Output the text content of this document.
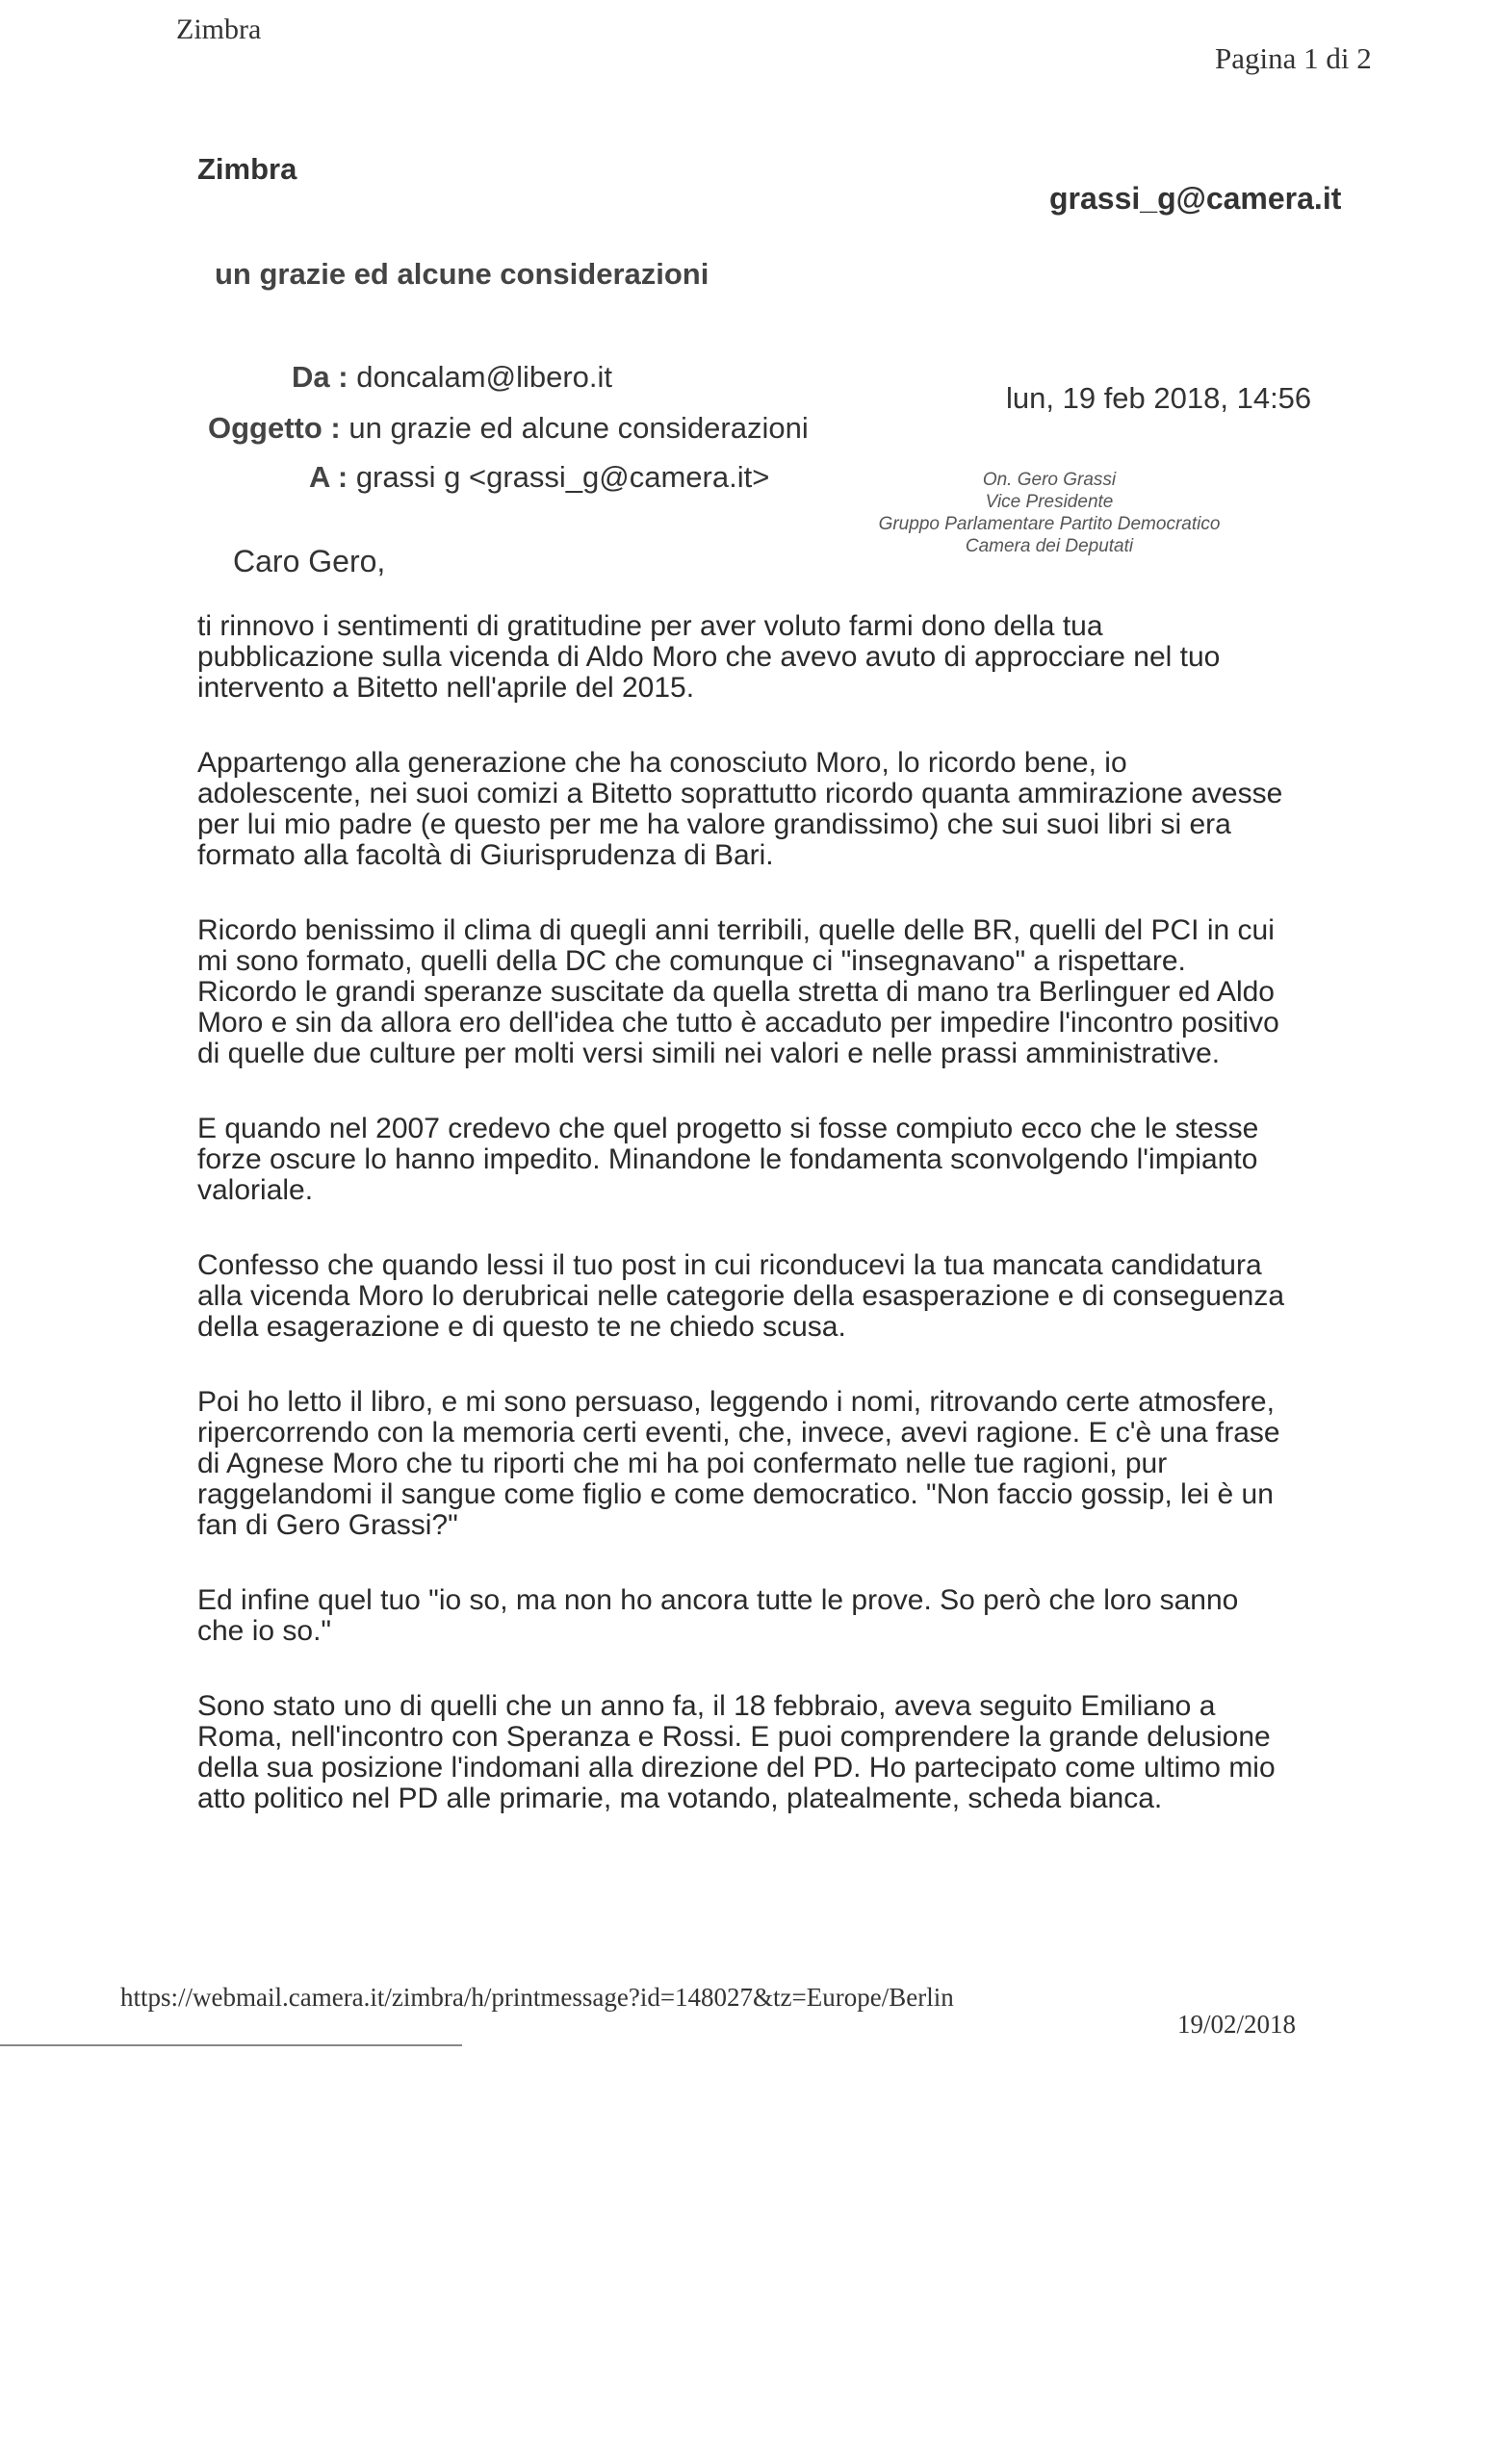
Zimbra
Pagina 1 di 2
Zimbra
grassi_g@camera.it
un grazie ed alcune considerazioni
Da : doncalam@libero.it
Oggetto : un grazie ed alcune considerazioni
A : grassi g <grassi_g@camera.it>
lun, 19 feb 2018, 14:56
On. Gero Grassi
Vice Presidente
Gruppo Parlamentare Partito Democratico
Camera dei Deputati
Caro Gero,

ti rinnovo i sentimenti di gratitudine per aver voluto farmi dono della tua pubblicazione sulla vicenda di Aldo Moro che avevo avuto di approcciare nel tuo intervento a Bitetto nell'aprile del 2015.

Appartengo alla generazione che ha conosciuto Moro, lo ricordo bene, io adolescente, nei suoi comizi a Bitetto soprattutto ricordo quanta ammirazione avesse per lui mio padre (e questo per me ha valore grandissimo) che sui suoi libri si era formato alla facoltà di Giurisprudenza di Bari.

Ricordo benissimo il clima di quegli anni terribili, quelle delle BR, quelli del PCI in cui mi sono formato, quelli della DC che comunque ci "insegnavano" a rispettare. Ricordo le grandi speranze suscitate da quella stretta di mano tra Berlinguer ed Aldo Moro e sin da allora ero dell'idea che tutto è accaduto per impedire l'incontro positivo di quelle due culture per molti versi simili nei valori e nelle prassi amministrative.

E quando nel 2007 credevo che quel progetto si fosse compiuto ecco che le stesse forze oscure lo hanno impedito. Minandone le fondamenta sconvolgendo l'impianto valoriale.

Confesso che quando lessi il tuo post in cui riconducevi la tua mancata candidatura alla vicenda Moro lo derubricai nelle categorie della esasperazione e di conseguenza della esagerazione e di questo te ne chiedo scusa.

Poi ho letto il libro, e mi sono persuaso, leggendo i nomi, ritrovando certe atmosfere, ripercorrendo con la memoria certi eventi, che, invece, avevi ragione. E c'è una frase di Agnese Moro che tu riporti che mi ha poi confermato nelle tue ragioni, pur raggelandomi il sangue come figlio e come democratico. "Non faccio gossip, lei è un fan di Gero Grassi?"

Ed infine quel tuo "io so, ma non ho ancora tutte le prove. So però che loro sanno che io so."

Sono stato uno di quelli che un anno fa, il 18 febbraio, aveva seguito Emiliano a Roma, nell'incontro con Speranza e Rossi. E puoi comprendere la grande delusione della sua posizione l'indomani alla direzione del PD. Ho partecipato come ultimo mio atto politico nel PD alle primarie, ma votando, platealmente, scheda bianca.

https://webmail.camera.it/zimbra/h/printmessage?id=148027&tz=Europe/Berlin
19/02/2018
